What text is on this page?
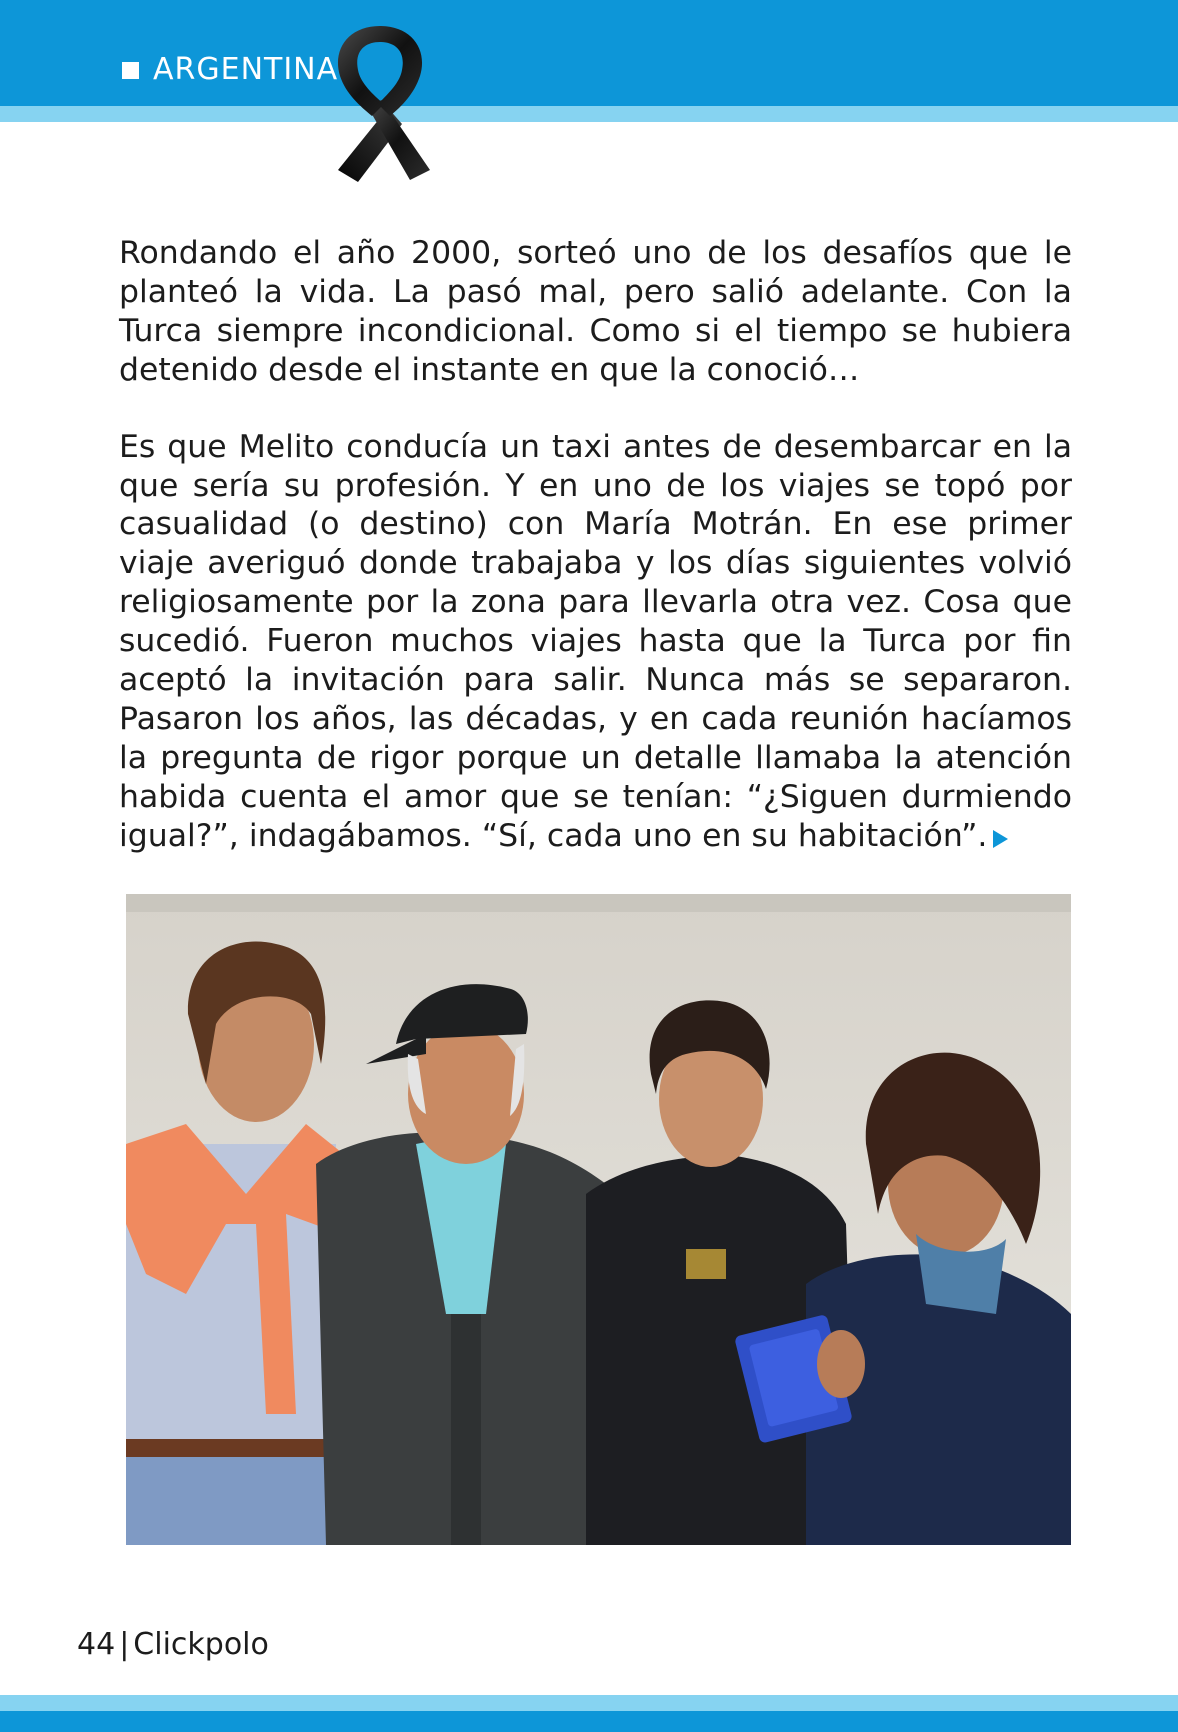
ARGENTINA

Rondando el año 2000, sorteó uno de los desafíos que le planteó la vida. La pasó mal, pero salió adelante. Con la Turca siempre incondicional. Como si el tiempo se hubiera detenido desde el instante en que la conoció…

Es que Melito conducía un taxi antes de desembarcar en la que sería su profesión. Y en uno de los viajes se topó por casualidad (o destino) con María Motrán. En ese primer viaje averiguó donde trabajaba y los días siguientes volvió religiosamente por la zona para llevarla otra vez. Cosa que sucedió. Fueron muchos viajes hasta que la Turca por fin aceptó la invitación para salir. Nunca más se separaron. Pasaron los años, las décadas, y en cada reunión hacíamos la pregunta de rigor porque un detalle llamaba la atención habida cuenta el amor que se tenían: “¿Siguen durmiendo igual?”, indagábamos. “Sí, cada uno en su habitación”.

44 | Clickpolo
